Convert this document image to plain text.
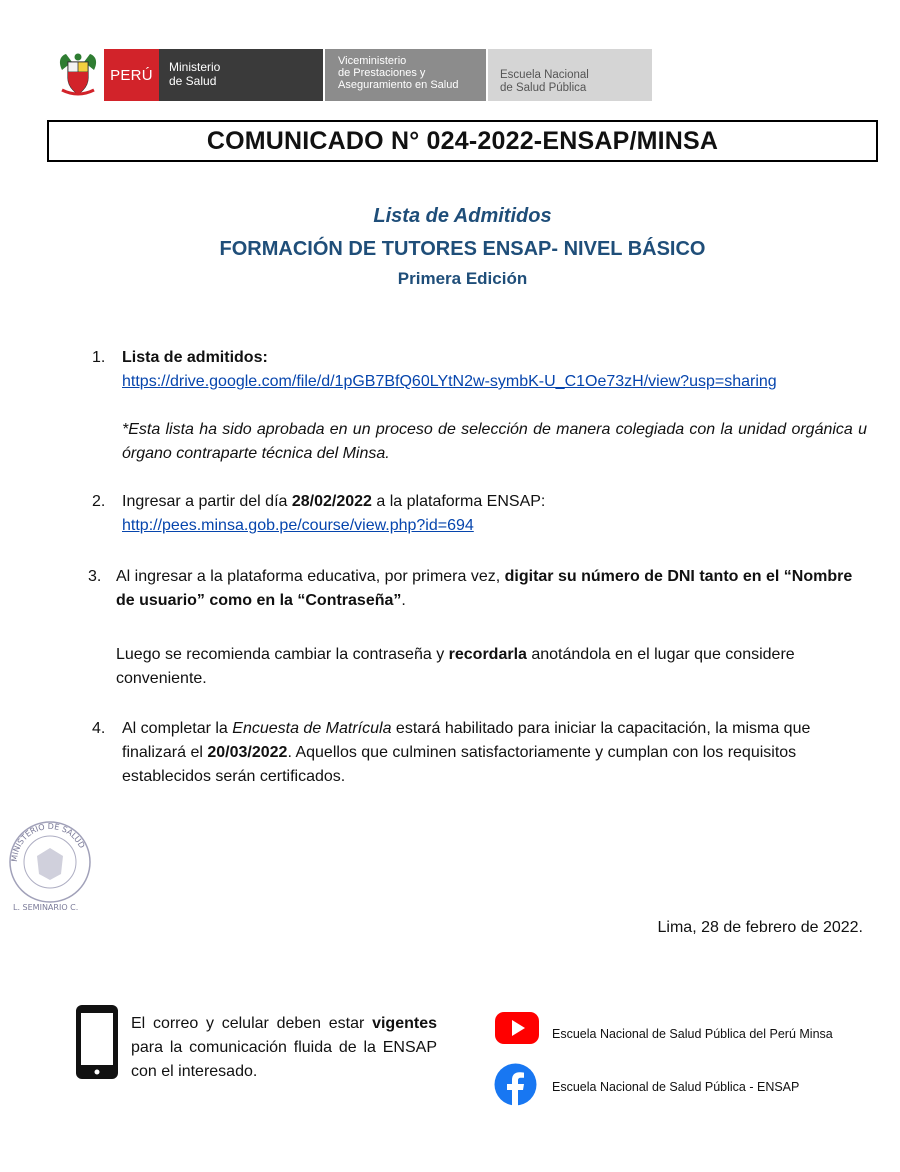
PERÚ Ministerio
de Salud
Viceministerio
de Prestaciones y
Aseguramiento en Salud
Escuela Nacional
de Salud Pública
COMUNICADO N° 024-2022-ENSAP/MINSA
Lista de Admitidos
FORMACIÓN DE TUTORES ENSAP- NIVEL BÁSICO
Primera Edición
1.	Lista de admitidos:
https://drive.google.com/file/d/1pGB7BfQ60LYtN2w-symbK-U_C1Oe73zH/view?usp=sharing
*Esta lista ha sido aprobada en un proceso de selección de manera colegiada con la unidad orgánica u órgano contraparte técnica del Minsa.
2.	Ingresar a partir del día 28/02/2022 a la plataforma ENSAP:
http://pees.minsa.gob.pe/course/view.php?id=694
3. Al ingresar a la plataforma educativa, por primera vez, digitar su número de DNI tanto en el “Nombre de usuario” como en la “Contraseña”.
Luego se recomienda cambiar la contraseña y recordarla anotándola en el lugar que considere conveniente.
4.	Al completar la Encuesta de Matrícula estará habilitado para iniciar la capacitación, la misma que finalizará el 20/03/2022. Aquellos que culminen satisfactoriamente y cumplan con los requisitos establecidos serán certificados.
MINISTERIO DE SALUD
L. SEMINARIO C.
Lima, 28 de febrero de 2022.
El correo y celular deben estar vigentes para la comunicación fluida de la ENSAP con el interesado.
Escuela Nacional de Salud Pública del Perú Minsa
Escuela Nacional de Salud Pública - ENSAP
